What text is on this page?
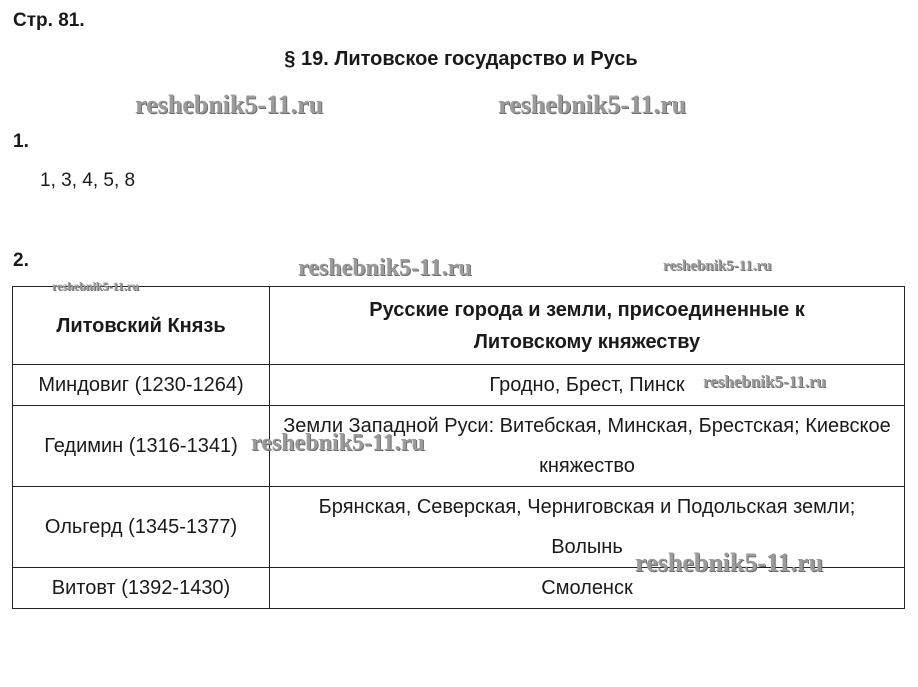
Стр. 81.
§ 19. Литовское государство и Русь
1.
1, 3, 4, 5, 8
2.
Литовский Князь	Русские города и земли, присоединенные к Литовскому княжеству

Миндовиг (1230-1264)	Гродно, Брест, Пинск
Гедимин (1316-1341)	Земли Западной Руси: Витебская, Минская, Брестская; Киевское княжество
Ольгерд (1345-1377)	Брянская, Северская, Черниговская и Подольская земли; Волынь

Витовт (1392-1430)	Смоленск
reshebnik5-11.ru	reshebnik5-11.ru
reshebnik5-11.ru	reshebnik5-11.ru
reshebnik5-11.ru
reshebnik5-11.ru
reshebnik5-11.ru
reshebnik5-11.ru
